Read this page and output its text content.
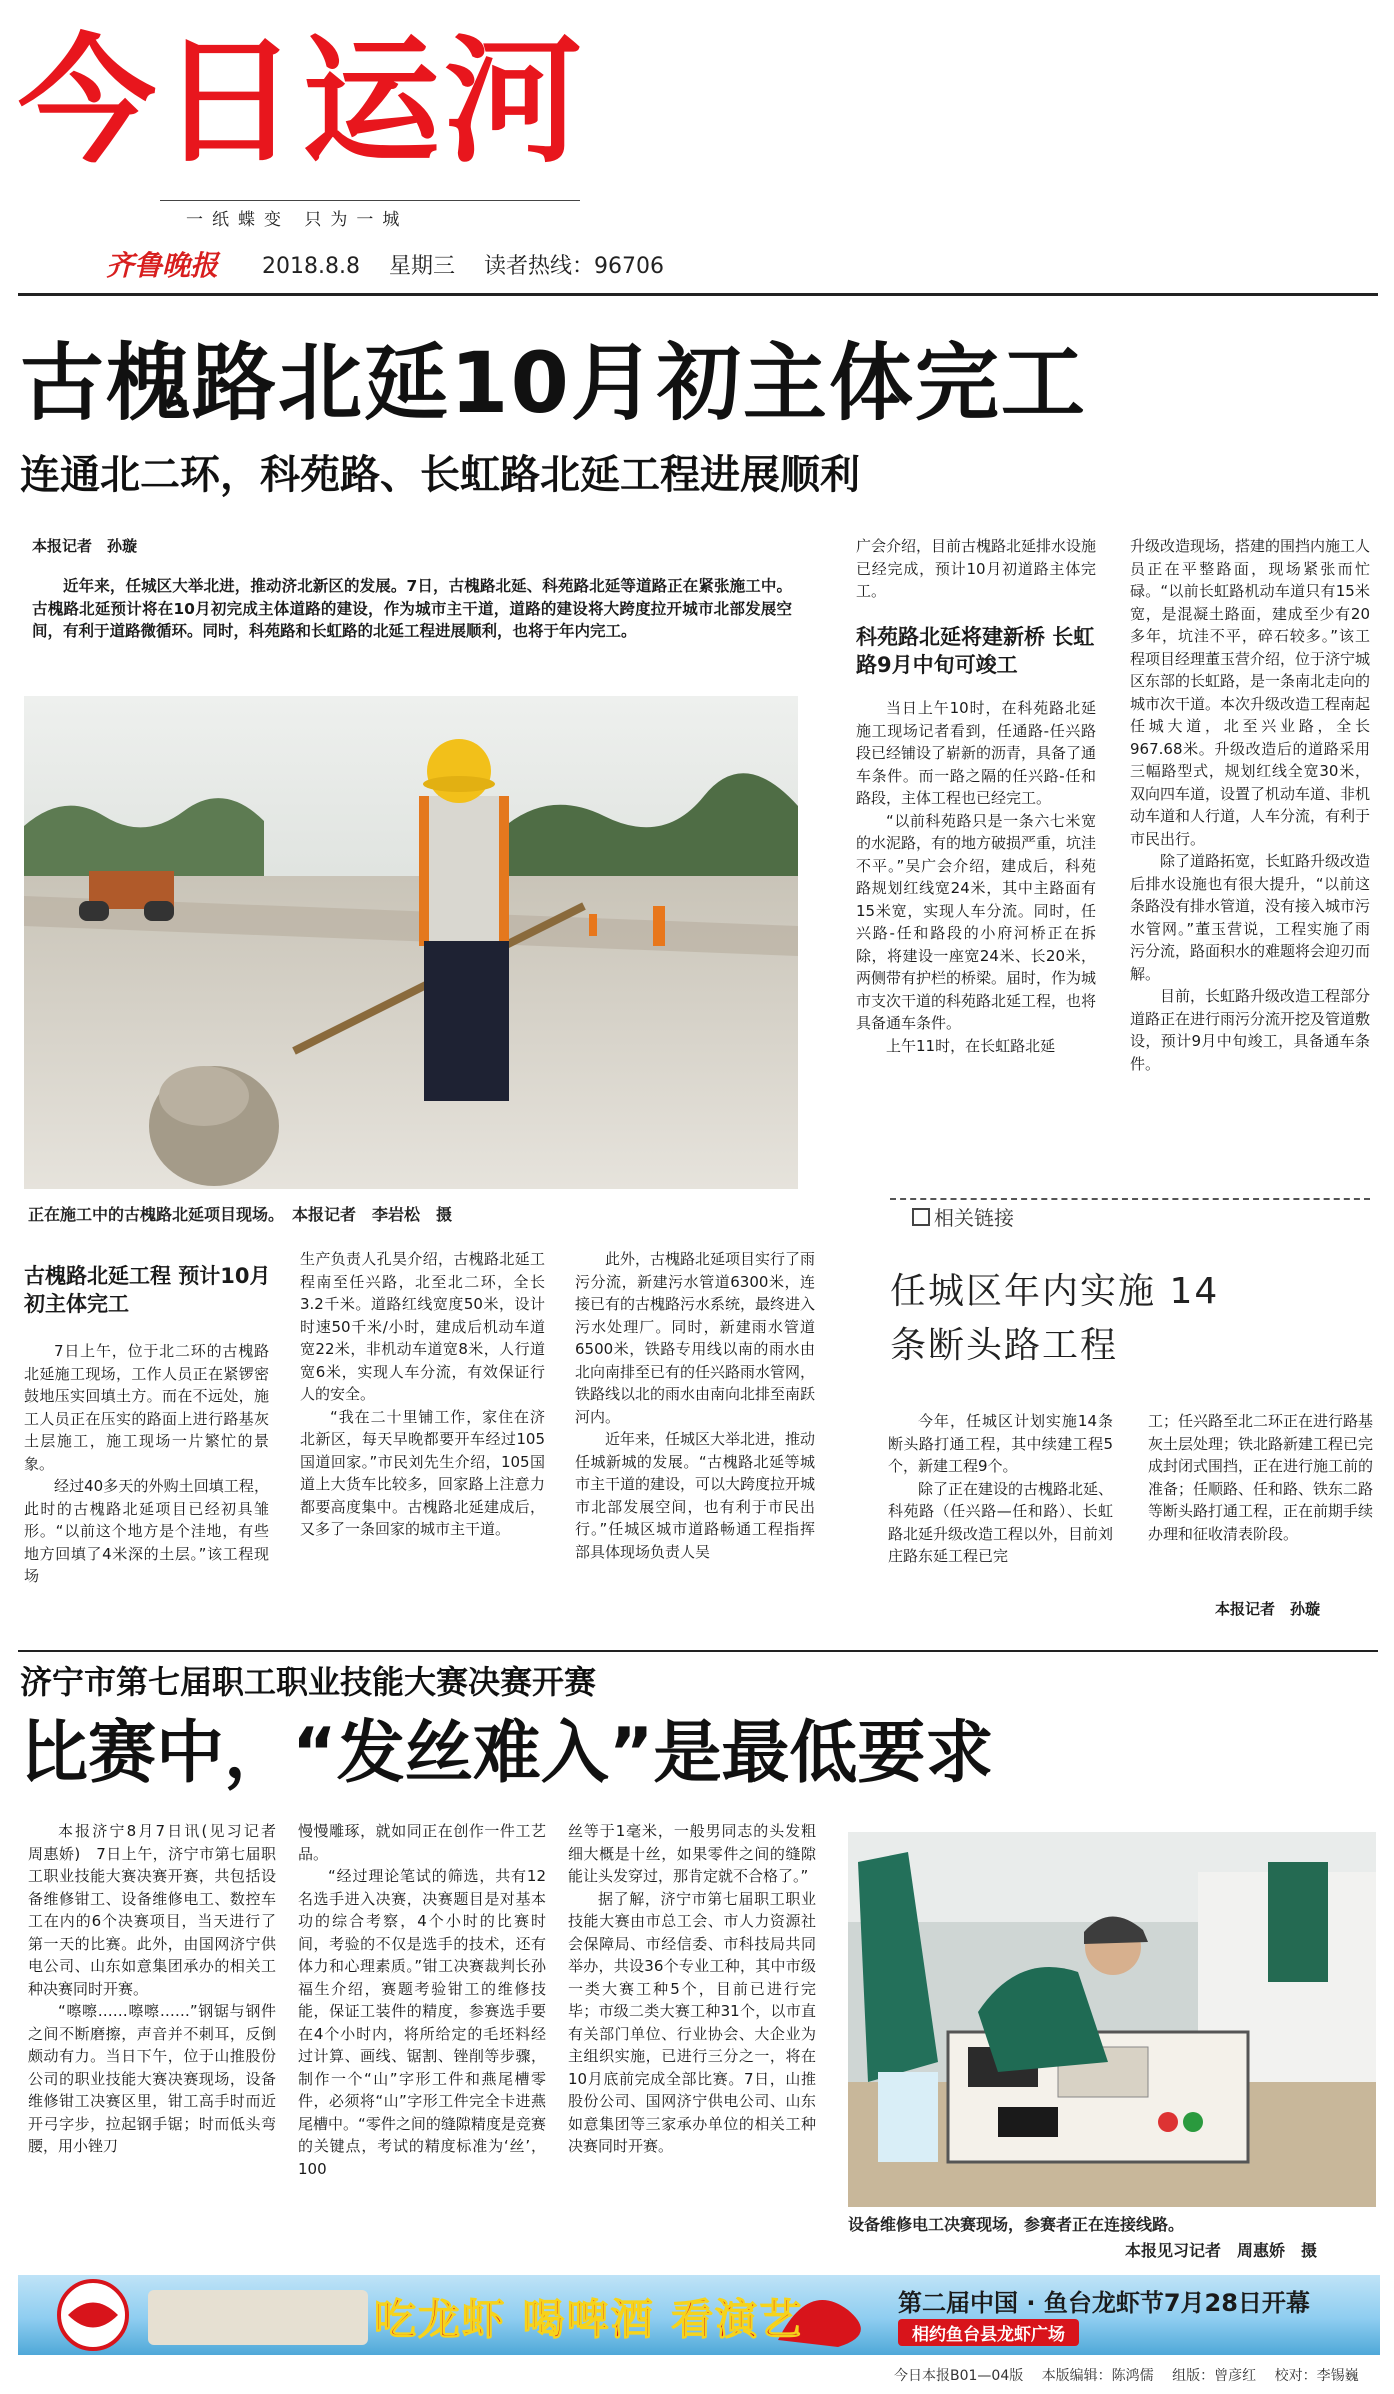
今日运河
一纸蝶变 只为一城
齐鲁晚报 2018.8.8 星期三 读者热线：96706
古槐路北延10月初主体完工
连通北二环，科苑路、长虹路北延工程进展顺利
本报记者　孙璇

近年来，任城区大举北进，推动济北新区的发展。7日，古槐路北延、科苑路北延等道路正在紧张施工中。古槐路北延预计将在10月初完成主体道路的建设，作为城市主干道，道路的建设将大跨度拉开城市北部发展空间，有利于道路微循环。同时，科苑路和长虹路的北延工程进展顺利，也将于年内完工。

正在施工中的古槐路北延项目现场。　本报记者　李岩松　摄

广会介绍，目前古槐路北延排水设施已经完成，预计10月初道路主体完工。

科苑路北延将建新桥 长虹路9月中旬可竣工

当日上午10时，在科苑路北延施工现场记者看到，任通路-任兴路段已经铺设了崭新的沥青，具备了通车条件。而一路之隔的任兴路-任和路段，主体工程也已经完工。

“以前科苑路只是一条六七米宽的水泥路，有的地方破损严重，坑洼不平。”吴广会介绍，建成后，科苑路规划红线宽24米，其中主路面有15米宽，实现人车分流。同时，任兴路-任和路段的小府河桥正在拆除，将建设一座宽24米、长20米，两侧带有护栏的桥梁。届时，作为城市支次干道的科苑路北延工程，也将具备通车条件。

上午11时，在长虹路北延

升级改造现场，搭建的围挡内施工人员正在平整路面，现场紧张而忙碌。“以前长虹路机动车道只有15米宽，是混凝土路面，建成至少有20多年，坑洼不平，碎石较多。”该工程项目经理董玉营介绍，位于济宁城区东部的长虹路，是一条南北走向的城市次干道。本次升级改造工程南起任城大道，北至兴业路，全长967.68米。升级改造后的道路采用三幅路型式，规划红线全宽30米，双向四车道，设置了机动车道、非机动车道和人行道，人车分流，有利于市民出行。

除了道路拓宽，长虹路升级改造后排水设施也有很大提升，“以前这条路没有排水管道，没有接入城市污水管网。”董玉营说，工程实施了雨污分流，路面积水的难题将会迎刃而解。

目前，长虹路升级改造工程部分道路正在进行雨污分流开挖及管道敷设，预计9月中旬竣工，具备通车条件。

古槐路北延工程 预计10月初主体完工

7日上午，位于北二环的古槐路北延施工现场，工作人员正在紧锣密鼓地压实回填土方。而在不远处，施工人员正在压实的路面上进行路基灰土层施工，施工现场一片繁忙的景象。

经过40多天的外购土回填工程，此时的古槐路北延项目已经初具雏形。“以前这个地方是个洼地，有些地方回填了4米深的土层。”该工程现场

生产负责人孔昊介绍，古槐路北延工程南至任兴路，北至北二环，全长3.2千米。道路红线宽度50米，设计时速50千米/小时，建成后机动车道宽22米，非机动车道宽8米，人行道宽6米，实现人车分流，有效保证行人的安全。

“我在二十里铺工作，家住在济北新区，每天早晚都要开车经过105国道回家。”市民刘先生介绍，105国道上大货车比较多，回家路上注意力都要高度集中。古槐路北延建成后，又多了一条回家的城市主干道。

此外，古槐路北延项目实行了雨污分流，新建污水管道6300米，连接已有的古槐路污水系统，最终进入污水处理厂。同时，新建雨水管道6500米，铁路专用线以南的雨水由北向南排至已有的任兴路雨水管网，铁路线以北的雨水由南向北排至南跃河内。

近年来，任城区大举北进，推动任城新城的发展。“古槐路北延等城市主干道的建设，可以大跨度拉开城市北部发展空间，也有利于市民出行。”任城区城市道路畅通工程指挥部具体现场负责人吴

相关链接
任城区年内实施 14条断头路工程

今年，任城区计划实施14条断头路打通工程，其中续建工程5个，新建工程9个。

除了正在建设的古槐路北延、科苑路（任兴路—任和路）、长虹路北延升级改造工程以外，目前刘庄路东延工程已完

工；任兴路至北二环正在进行路基灰土层处理；铁北路新建工程已完成封闭式围挡，正在进行施工前的准备；任顺路、任和路、铁东二路等断头路打通工程，正在前期手续办理和征收清表阶段。

本报记者　孙璇
济宁市第七届职工职业技能大赛决赛开赛
比赛中，“发丝难入”是最低要求

本报济宁8月7日讯(见习记者　周惠娇)　7日上午，济宁市第七届职工职业技能大赛决赛开赛，共包括设备维修钳工、设备维修电工、数控车工在内的6个决赛项目，当天进行了第一天的比赛。此外，由国网济宁供电公司、山东如意集团承办的相关工种决赛同时开赛。

“嚓嚓……嚓嚓……”钢锯与钢件之间不断磨擦，声音并不刺耳，反倒颇动有力。当日下午，位于山推股份公司的职业技能大赛决赛现场，设备维修钳工决赛区里，钳工高手时而近开弓字步，拉起钢手锯；时而低头弯腰，用小锉刀

慢慢雕琢，就如同正在创作一件工艺品。

“经过理论笔试的筛选，共有12名选手进入决赛，决赛题目是对基本功的综合考察，4个小时的比赛时间，考验的不仅是选手的技术，还有体力和心理素质。”钳工决赛裁判长孙福生介绍，赛题考验钳工的维修技能，保证工装件的精度，参赛选手要在4个小时内，将所给定的毛坯料经过计算、画线、锯割、锉削等步骤，制作一个“山”字形工件和燕尾槽零件，必须将“山”字形工件完全卡进燕尾槽中。“零件之间的缝隙精度是竞赛的关键点，考试的精度标准为‘丝’，100

丝等于1毫米，一般男同志的头发粗细大概是十丝，如果零件之间的缝隙能让头发穿过，那肯定就不合格了。”

据了解，济宁市第七届职工职业技能大赛由市总工会、市人力资源社会保障局、市经信委、市科技局共同举办，共设36个专业工种，其中市级一类大赛工种5个，目前已进行完毕；市级二类大赛工种31个，以市直有关部门单位、行业协会、大企业为主组织实施，已进行三分之一，将在10月底前完成全部比赛。7日，山推股份公司、国网济宁供电公司、山东如意集团等三家承办单位的相关工种决赛同时开赛。

设备维修电工决赛现场，参赛者正在连接线路。
本报见习记者　周惠娇　摄
吃龙虾 喝啤酒 看演艺	第二届中国 · 鱼台龙虾节7月28日开幕
相约鱼台县龙虾广场
今日本报B01—04版 本版编辑：陈鸿儒 组版：曾彦红 校对：李锡巍
